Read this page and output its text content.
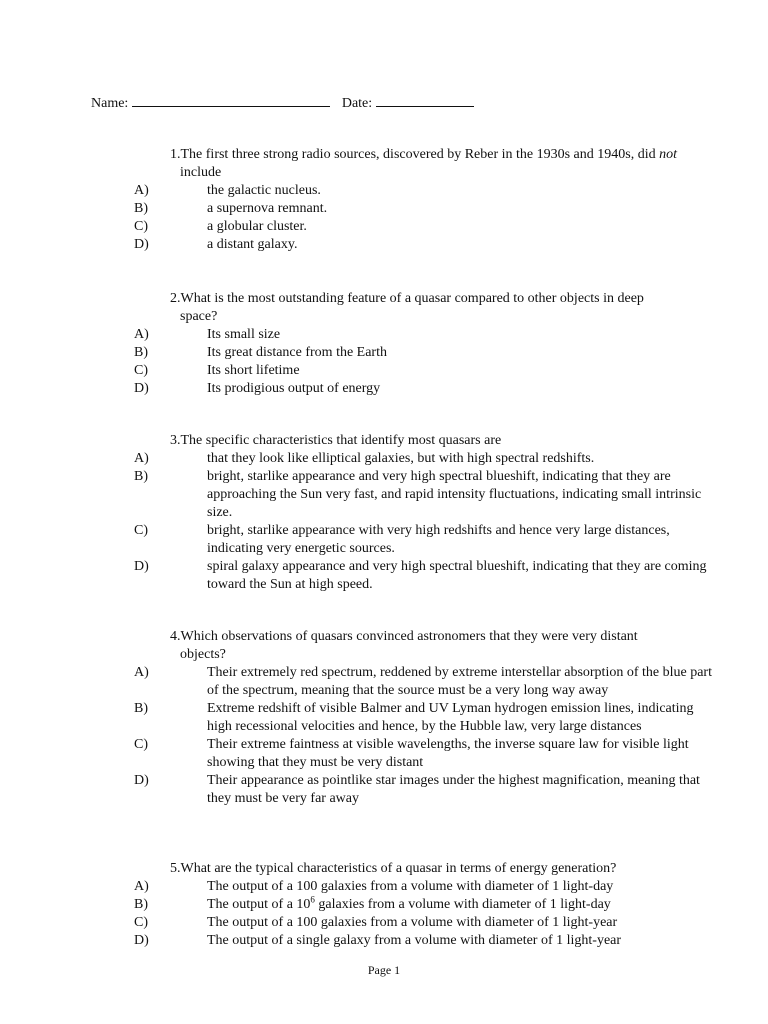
Name:	Date:
1.The first three strong radio sources, discovered by Reber in the 1930s and 1940s, did not
include
A)	the galactic nucleus.
B)	a supernova remnant.
C)	a globular cluster.
D)	a distant galaxy.
2.What is the most outstanding feature of a quasar compared to other objects in deep
space?
A)	Its small size
B)	Its great distance from the Earth
C)	Its short lifetime
D)	Its prodigious output of energy
3.The specific characteristics that identify most quasars are
A)	that they look like elliptical galaxies, but with high spectral redshifts.
B)	bright, starlike appearance and very high spectral blueshift, indicating that they are approaching the Sun very fast, and rapid intensity fluctuations, indicating small intrinsic size.
C)	bright, starlike appearance with very high redshifts and hence very large distances, indicating very energetic sources.
D)	spiral galaxy appearance and very high spectral blueshift, indicating that they are coming toward the Sun at high speed.
4.Which observations of quasars convinced astronomers that they were very distant
objects?
A)	Their extremely red spectrum, reddened by extreme interstellar absorption of the blue part of the spectrum, meaning that the source must be a very long way away
B)	Extreme redshift of visible Balmer and UV Lyman hydrogen emission lines, indicating high recessional velocities and hence, by the Hubble law, very large distances
C)	Their extreme faintness at visible wavelengths, the inverse square law for visible light showing that they must be very distant
D)	Their appearance as pointlike star images under the highest magnification, meaning that they must be very far away
5.What are the typical characteristics of a quasar in terms of energy generation?
A)	The output of a 100 galaxies from a volume with diameter of 1 light-day
B)	The output of a $10^6$ galaxies from a volume with diameter of 1 light-day
C)	The output of a 100 galaxies from a volume with diameter of 1 light-year
D)	The output of a single galaxy from a volume with diameter of 1 light-year
Page 1
